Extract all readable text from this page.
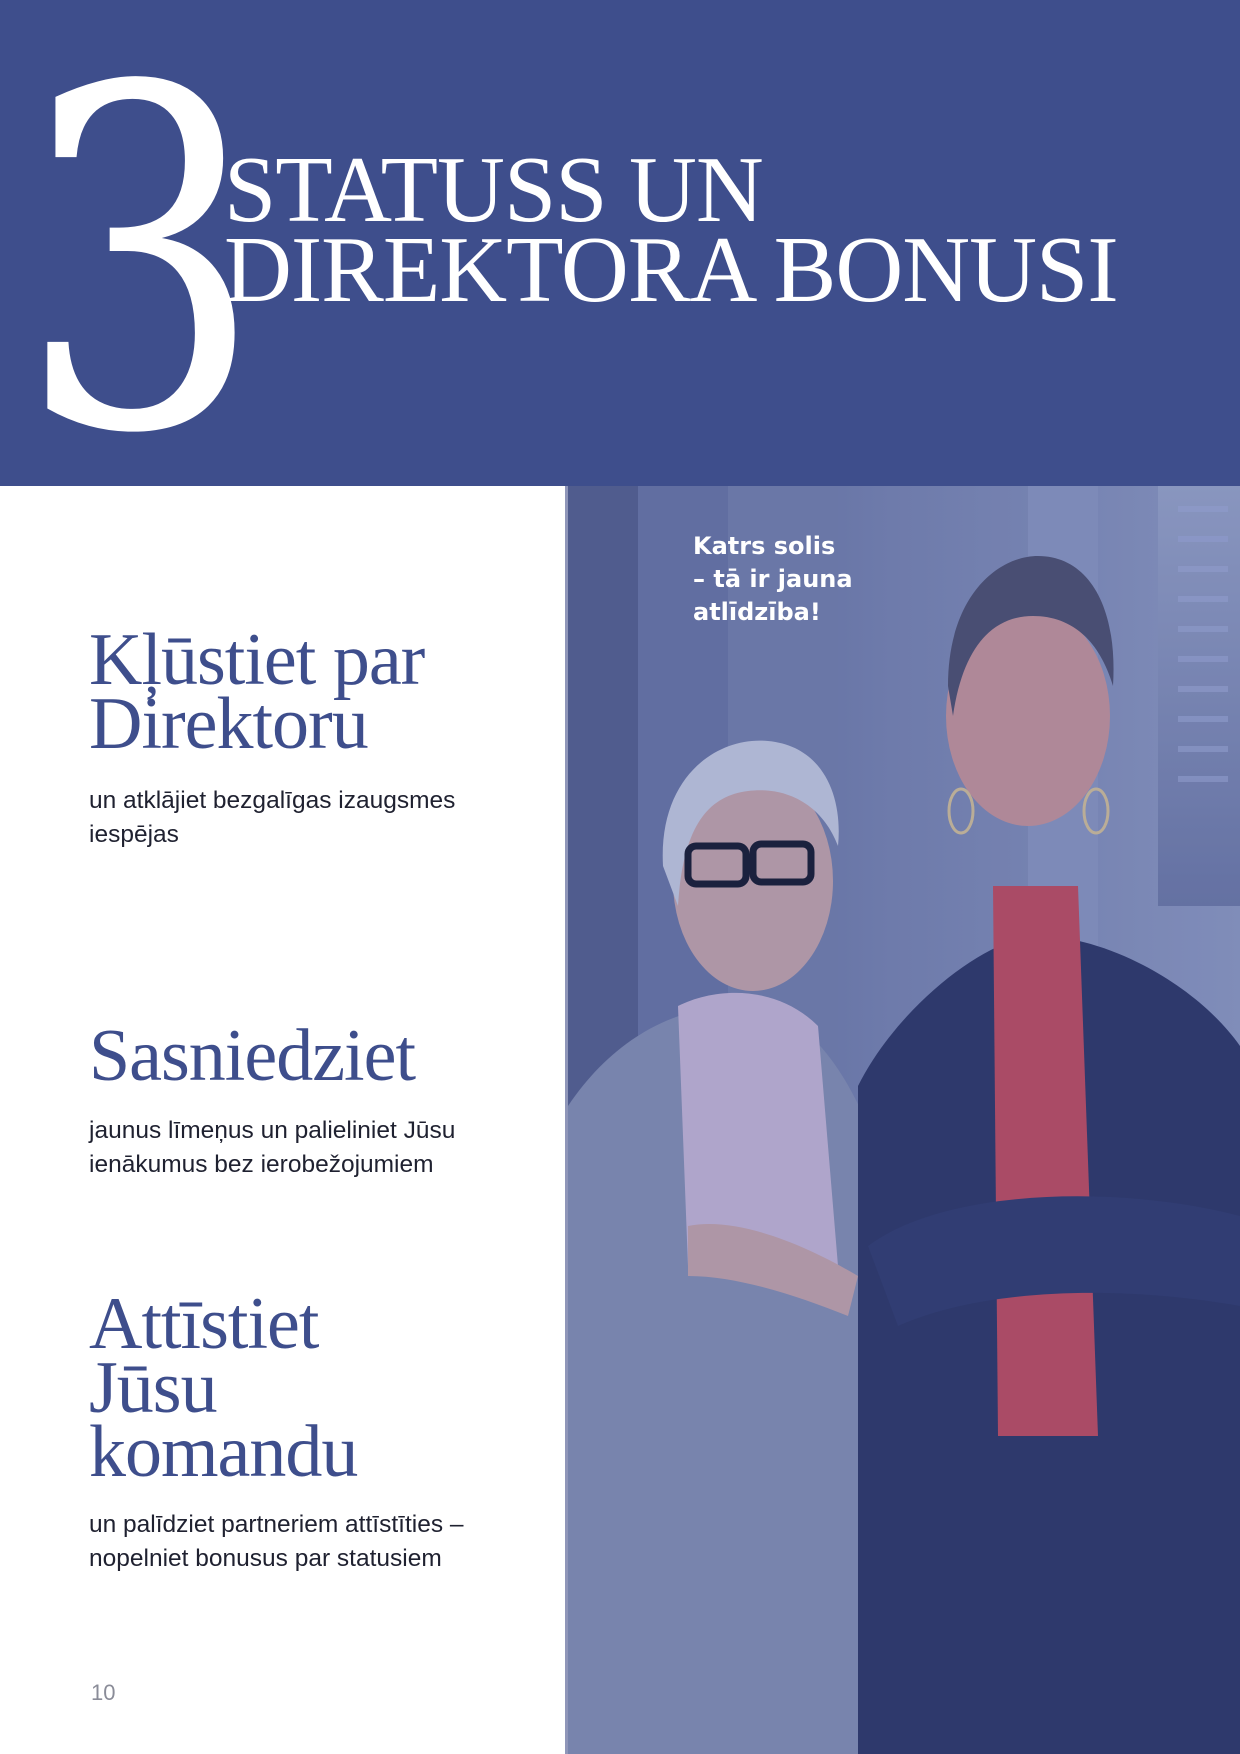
3
STATUSS UN
DIREKTORA BONUSI
Kļūstiet par
Direktoru

un atklājiet bezgalīgas izaugsmes
iespējas

Sasniedziet

jaunus līmeņus un palieliniet Jūsu
ienākumus bez ierobežojumiem

Attīstiet
Jūsu
komandu

un palīdziet partneriem attīstīties –
nopelniet bonusus par statusiem

10
Katrs solis
– tā ir jauna
atlīdzība!
